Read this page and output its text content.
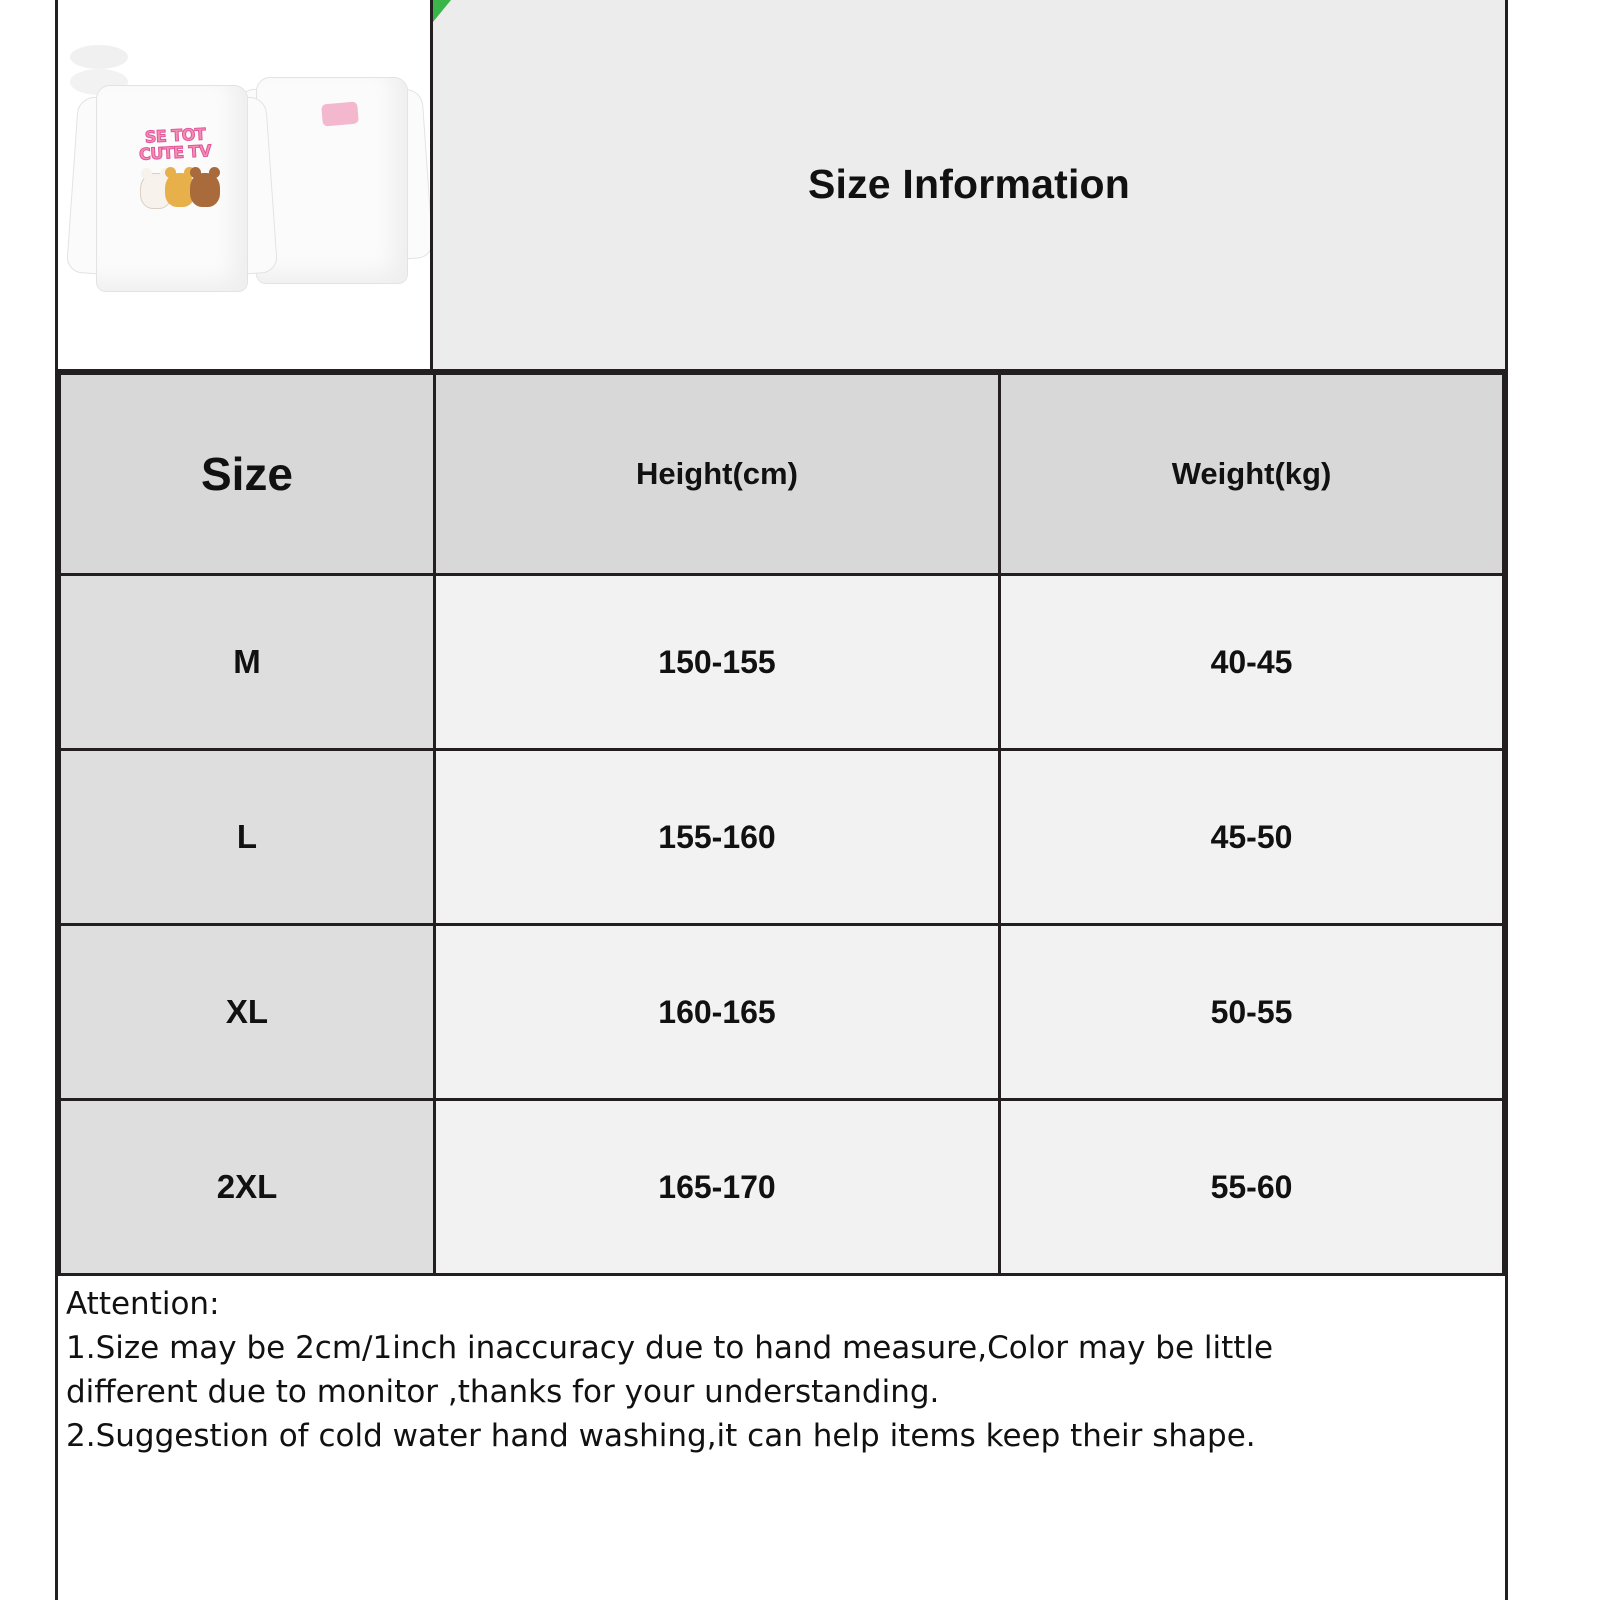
SE TOT
CUTE TV
Size Information
Size	Height(cm)	Weight(kg)
M	150-155	40-45
L	155-160	45-50
XL	160-165	50-55
2XL	165-170	55-60

Attention:

1.Size may be 2cm/1inch inaccuracy due to hand measure,Color may be little

different due to monitor ,thanks for your understanding.

2.Suggestion of cold water hand washing,it can help items keep their shape.
